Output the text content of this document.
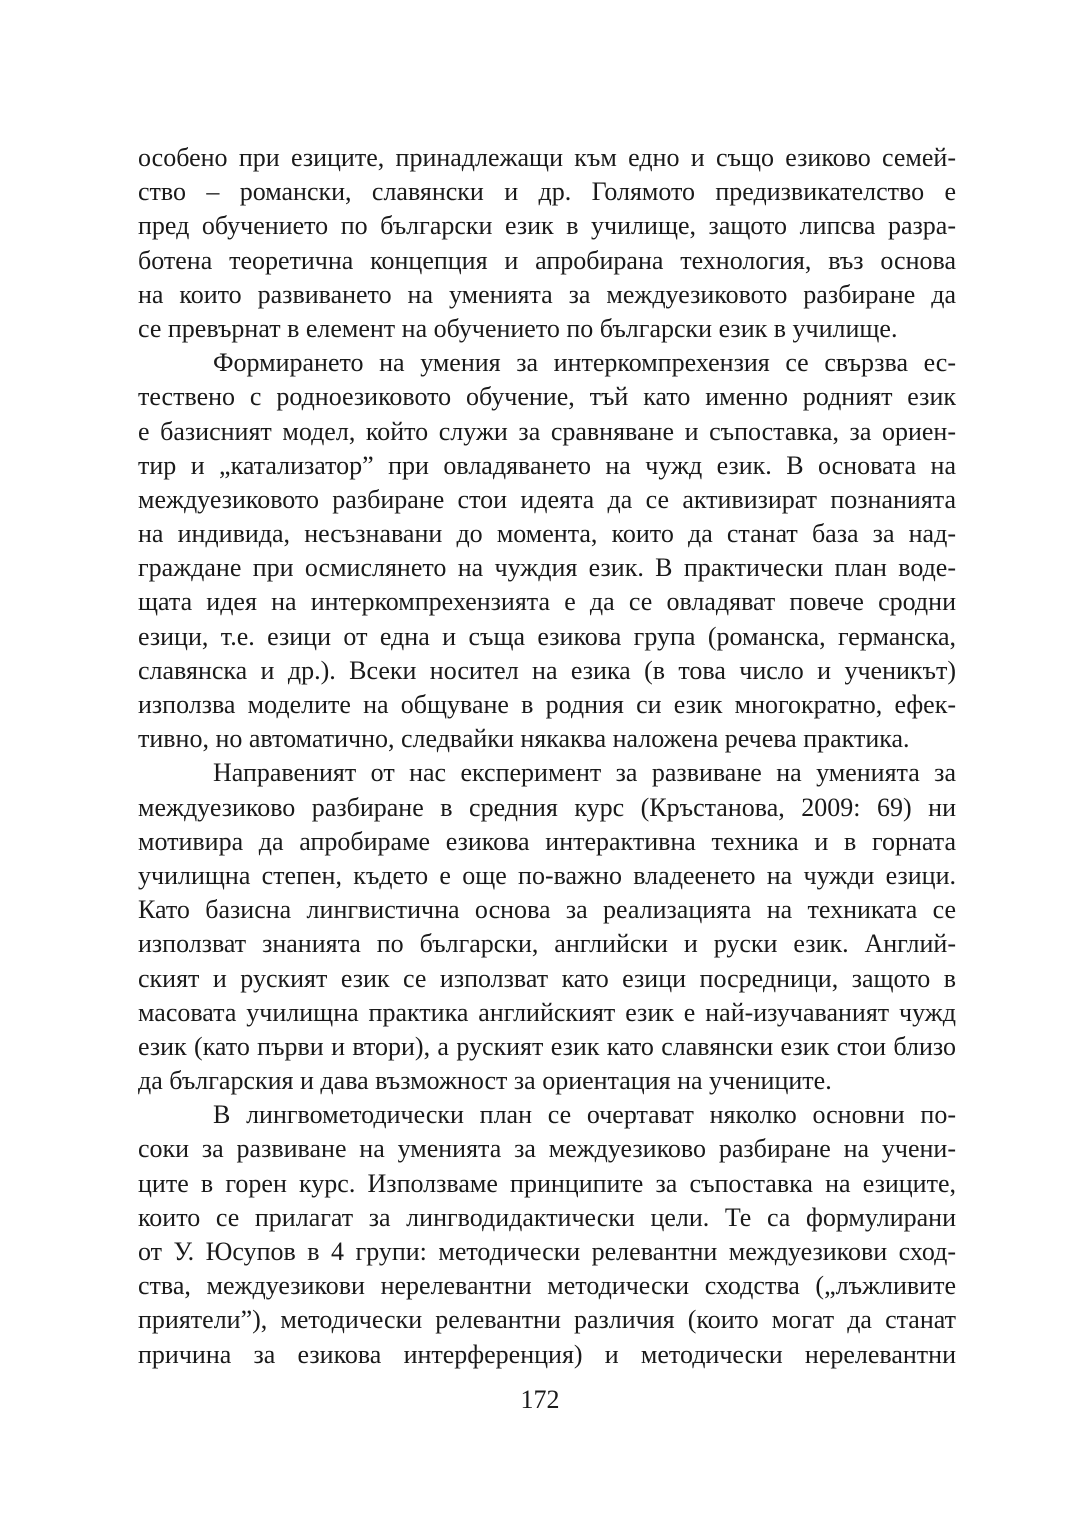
особено при езиците, принадлежащи към едно и също езиково семей-
ство – романски, славянски и др. Голямото предизвикателство е
пред обучението по български език в училище, защото липсва разра-
ботена теоретична концепция и апробирана технология, въз основа
на които развиването на уменията за междуезиковото разбиране да
се превърнат в елемент на обучението по български език в училище.
Формирането на умения за интеркомпрехензия се свързва ес-
тествено с родноезиковото обучение, тъй като именно родният език
е базисният модел, който служи за сравняване и съпоставка, за ориен-
тир и „катализатор” при овладяването на чужд език. В основата на
междуезиковото разбиране стои идеята да се активизират познанията
на индивида, несъзнавани до момента, които да станат база за над-
граждане при осмислянето на чуждия език. В практически план воде-
щата идея на интеркомпрехензията е да се овладяват повече сродни
езици, т.е. езици от една и съща езикова група (романска, германска,
славянска и др.). Всеки носител на езика (в това число и ученикът)
използва моделите на общуване в родния си език многократно, ефек-
тивно, но автоматично, следвайки някаква наложена речева практика.
Направеният от нас експеримент за развиване на уменията за
междуезиково разбиране в средния курс (Кръстанова, 2009: 69) ни
мотивира да апробираме езикова интерактивна техника и в горната
училищна степен, където е още по-важно владеенето на чужди езици.
Като базисна лингвистична основа за реализацията на техниката се
използват знанията по български, английски и руски език. Англий-
ският и руският език се използват като езици посредници, защото в
масовата училищна практика английският език е най-изучаваният чужд
език (като първи и втори), а руският език като славянски език стои близо
да българския и дава възможност за ориентация на учениците.
В лингвометодически план се очертават няколко основни по-
соки за развиване на уменията за междуезиково разбиране на учени-
ците в горен курс. Използваме принципите за съпоставка на езиците,
които се прилагат за лингводидактически цели. Те са формулирани
от У. Юсупов в 4 групи: методически релевантни междуезикови сход-
ства, междуезикови нерелевантни методически сходства („лъжливите
приятели”), методически релевантни различия (които могат да станат
причина за езикова интерференция) и методически нерелевантни
172
